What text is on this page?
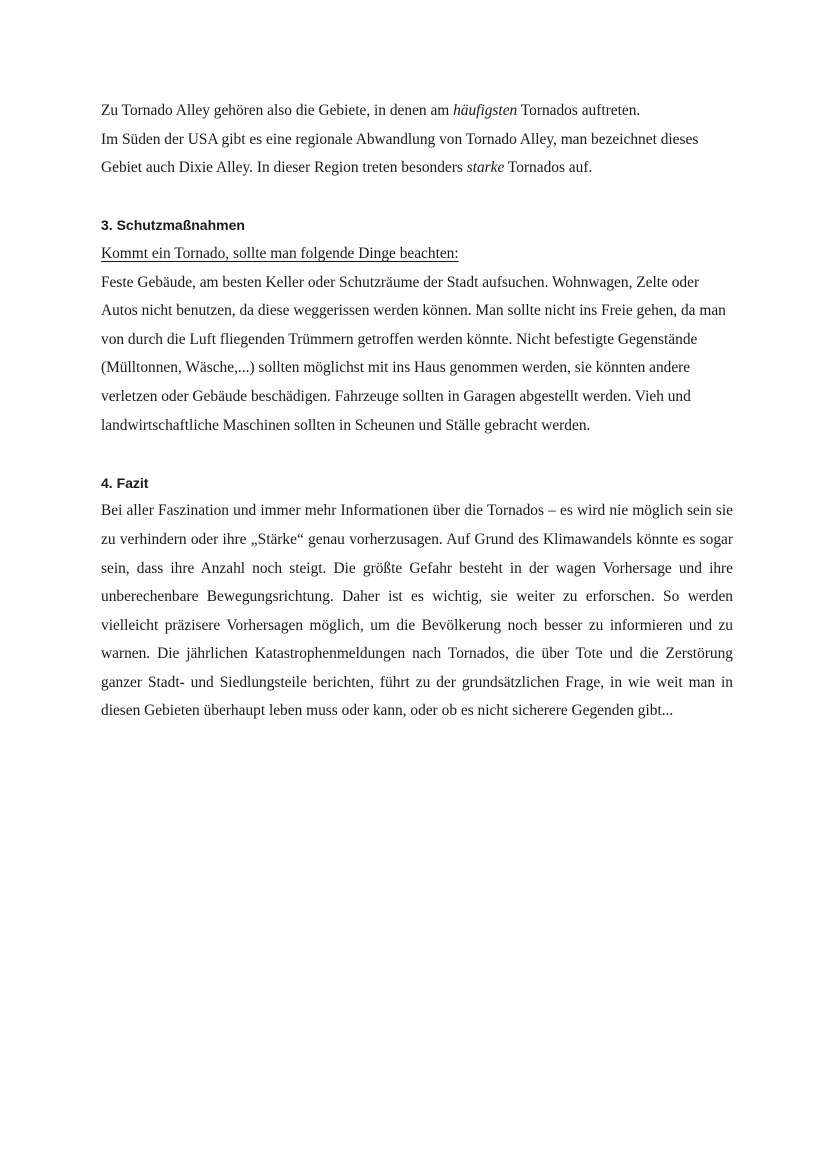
Zu Tornado Alley gehören also die Gebiete, in denen am häufigsten Tornados auftreten.
Im Süden der USA gibt es eine regionale Abwandlung von Tornado Alley, man bezeichnet dieses Gebiet auch Dixie Alley. In dieser Region treten besonders starke Tornados auf.

3. Schutzmaßnahmen

Kommt ein Tornado, sollte man folgende Dinge beachten:

Feste Gebäude, am besten Keller oder Schutzräume der Stadt aufsuchen. Wohnwagen, Zelte oder Autos nicht benutzen, da diese weggerissen werden können. Man sollte nicht ins Freie gehen, da man von durch die Luft fliegenden Trümmern getroffen werden könnte. Nicht befestigte Gegenstände (Mülltonnen, Wäsche,...) sollten möglichst mit ins Haus genommen werden, sie könnten andere verletzen oder Gebäude beschädigen. Fahrzeuge sollten in Garagen abgestellt werden. Vieh und landwirtschaftliche Maschinen sollten in Scheunen und Ställe gebracht werden.

4. Fazit

Bei aller Faszination und immer mehr Informationen über die Tornados – es wird nie möglich sein sie zu verhindern oder ihre „Stärke“ genau vorherzusagen. Auf Grund des Klimawandels könnte es sogar sein, dass ihre Anzahl noch steigt. Die größte Gefahr besteht in der wagen Vorhersage und ihre unberechenbare Bewegungsrichtung. Daher ist es wichtig, sie weiter zu erforschen. So werden vielleicht präzisere Vorhersagen möglich, um die Bevölkerung noch besser zu informieren und zu warnen. Die jährlichen Katastrophenmeldungen nach Tornados, die über Tote und die Zerstörung ganzer Stadt- und Siedlungsteile berichten, führt zu der grundsätzlichen Frage, in wie weit man in diesen Gebieten überhaupt leben muss oder kann, oder ob es nicht sicherere Gegenden gibt...
